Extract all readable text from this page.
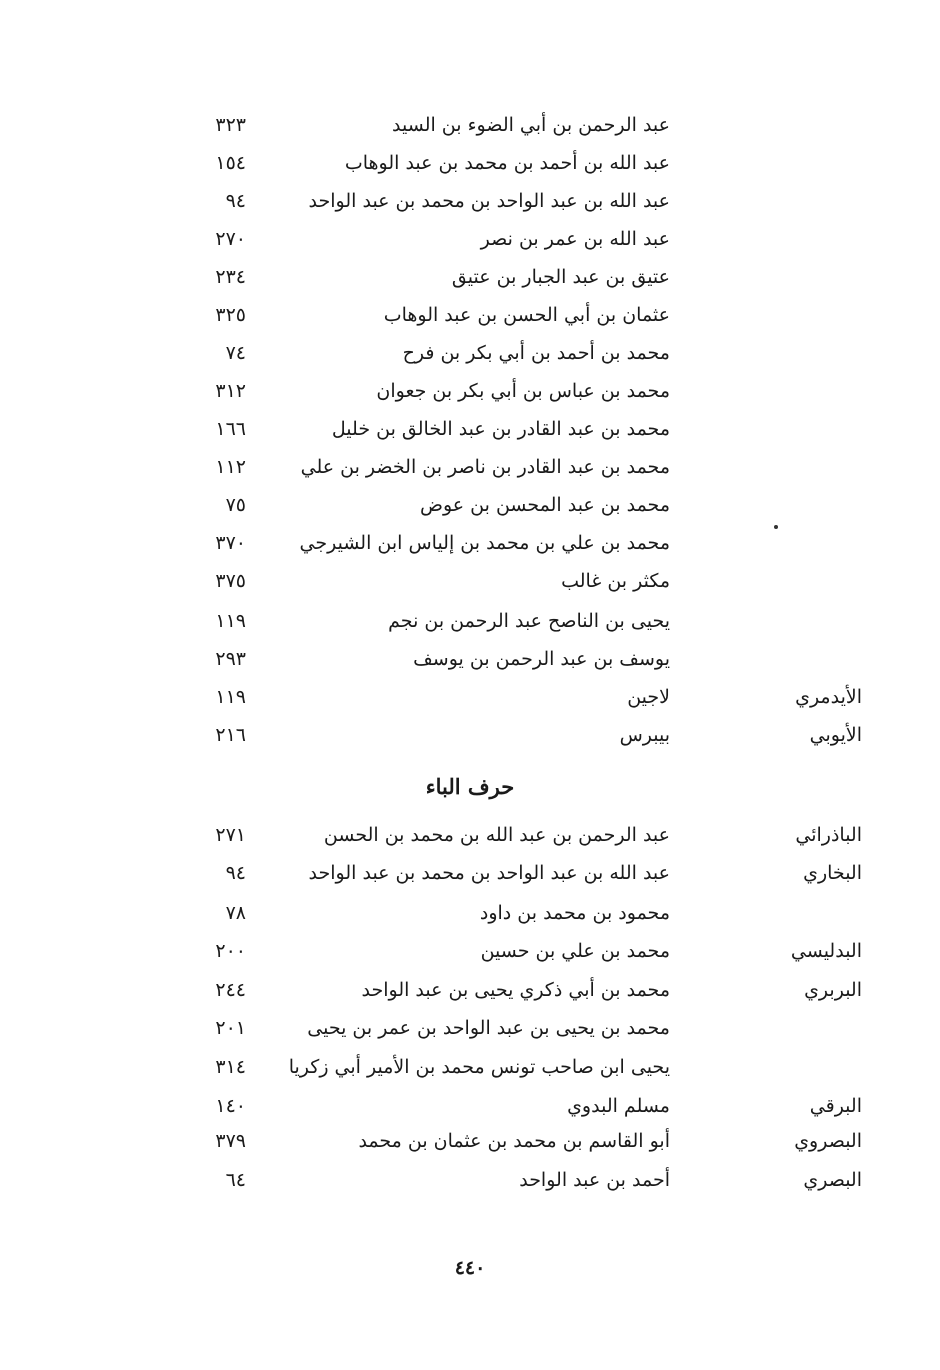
عبد الرحمن بن أبي الضوء بن السيد
٣٢٣
عبد الله بن أحمد بن محمد بن عبد الوهاب
١٥٤
عبد الله بن عبد الواحد بن محمد بن عبد الواحد
٩٤
عبد الله بن عمر بن نصر
٢٧٠
عتيق بن عبد الجبار بن عتيق
٢٣٤
عثمان بن أبي الحسن بن عبد الوهاب
٣٢٥
محمد بن أحمد بن أبي بكر بن فرح
٧٤
محمد بن عباس بن أبي بكر بن جعوان
٣١٢
محمد بن عبد القادر بن عبد الخالق بن خليل
١٦٦
محمد بن عبد القادر بن ناصر بن الخضر بن علي
١١٢
محمد بن عبد المحسن بن عوض
٧٥
محمد بن علي بن محمد بن إلياس ابن الشيرجي
٣٧٠
مكثر بن غالب
٣٧٥
يحيى بن الناصح عبد الرحمن بن نجم
١١٩
يوسف بن عبد الرحمن بن يوسف
٢٩٣
الأيدمري
لاجين
١١٩
الأيوبي
بيبرس
٢١٦
حرف الباء
الباذرائي
عبد الرحمن بن عبد الله بن محمد بن الحسن
٢٧١
البخاري
عبد الله بن عبد الواحد بن محمد بن عبد الواحد
٩٤
محمود بن محمد بن داود
٧٨
البدليسي
محمد بن علي بن حسين
٢٠٠
البربري
محمد بن أبي ذكري يحيى بن عبد الواحد
٢٤٤
محمد بن يحيى بن عبد الواحد بن عمر بن يحيى
٢٠١
يحيى ابن صاحب تونس محمد بن الأمير أبي زكريا
٣١٤
البرقي
مسلم البدوي
١٤٠
البصروي
أبو القاسم بن محمد بن عثمان بن محمد
٣٧٩
البصري
أحمد بن عبد الواحد
٦٤
٤٤٠
